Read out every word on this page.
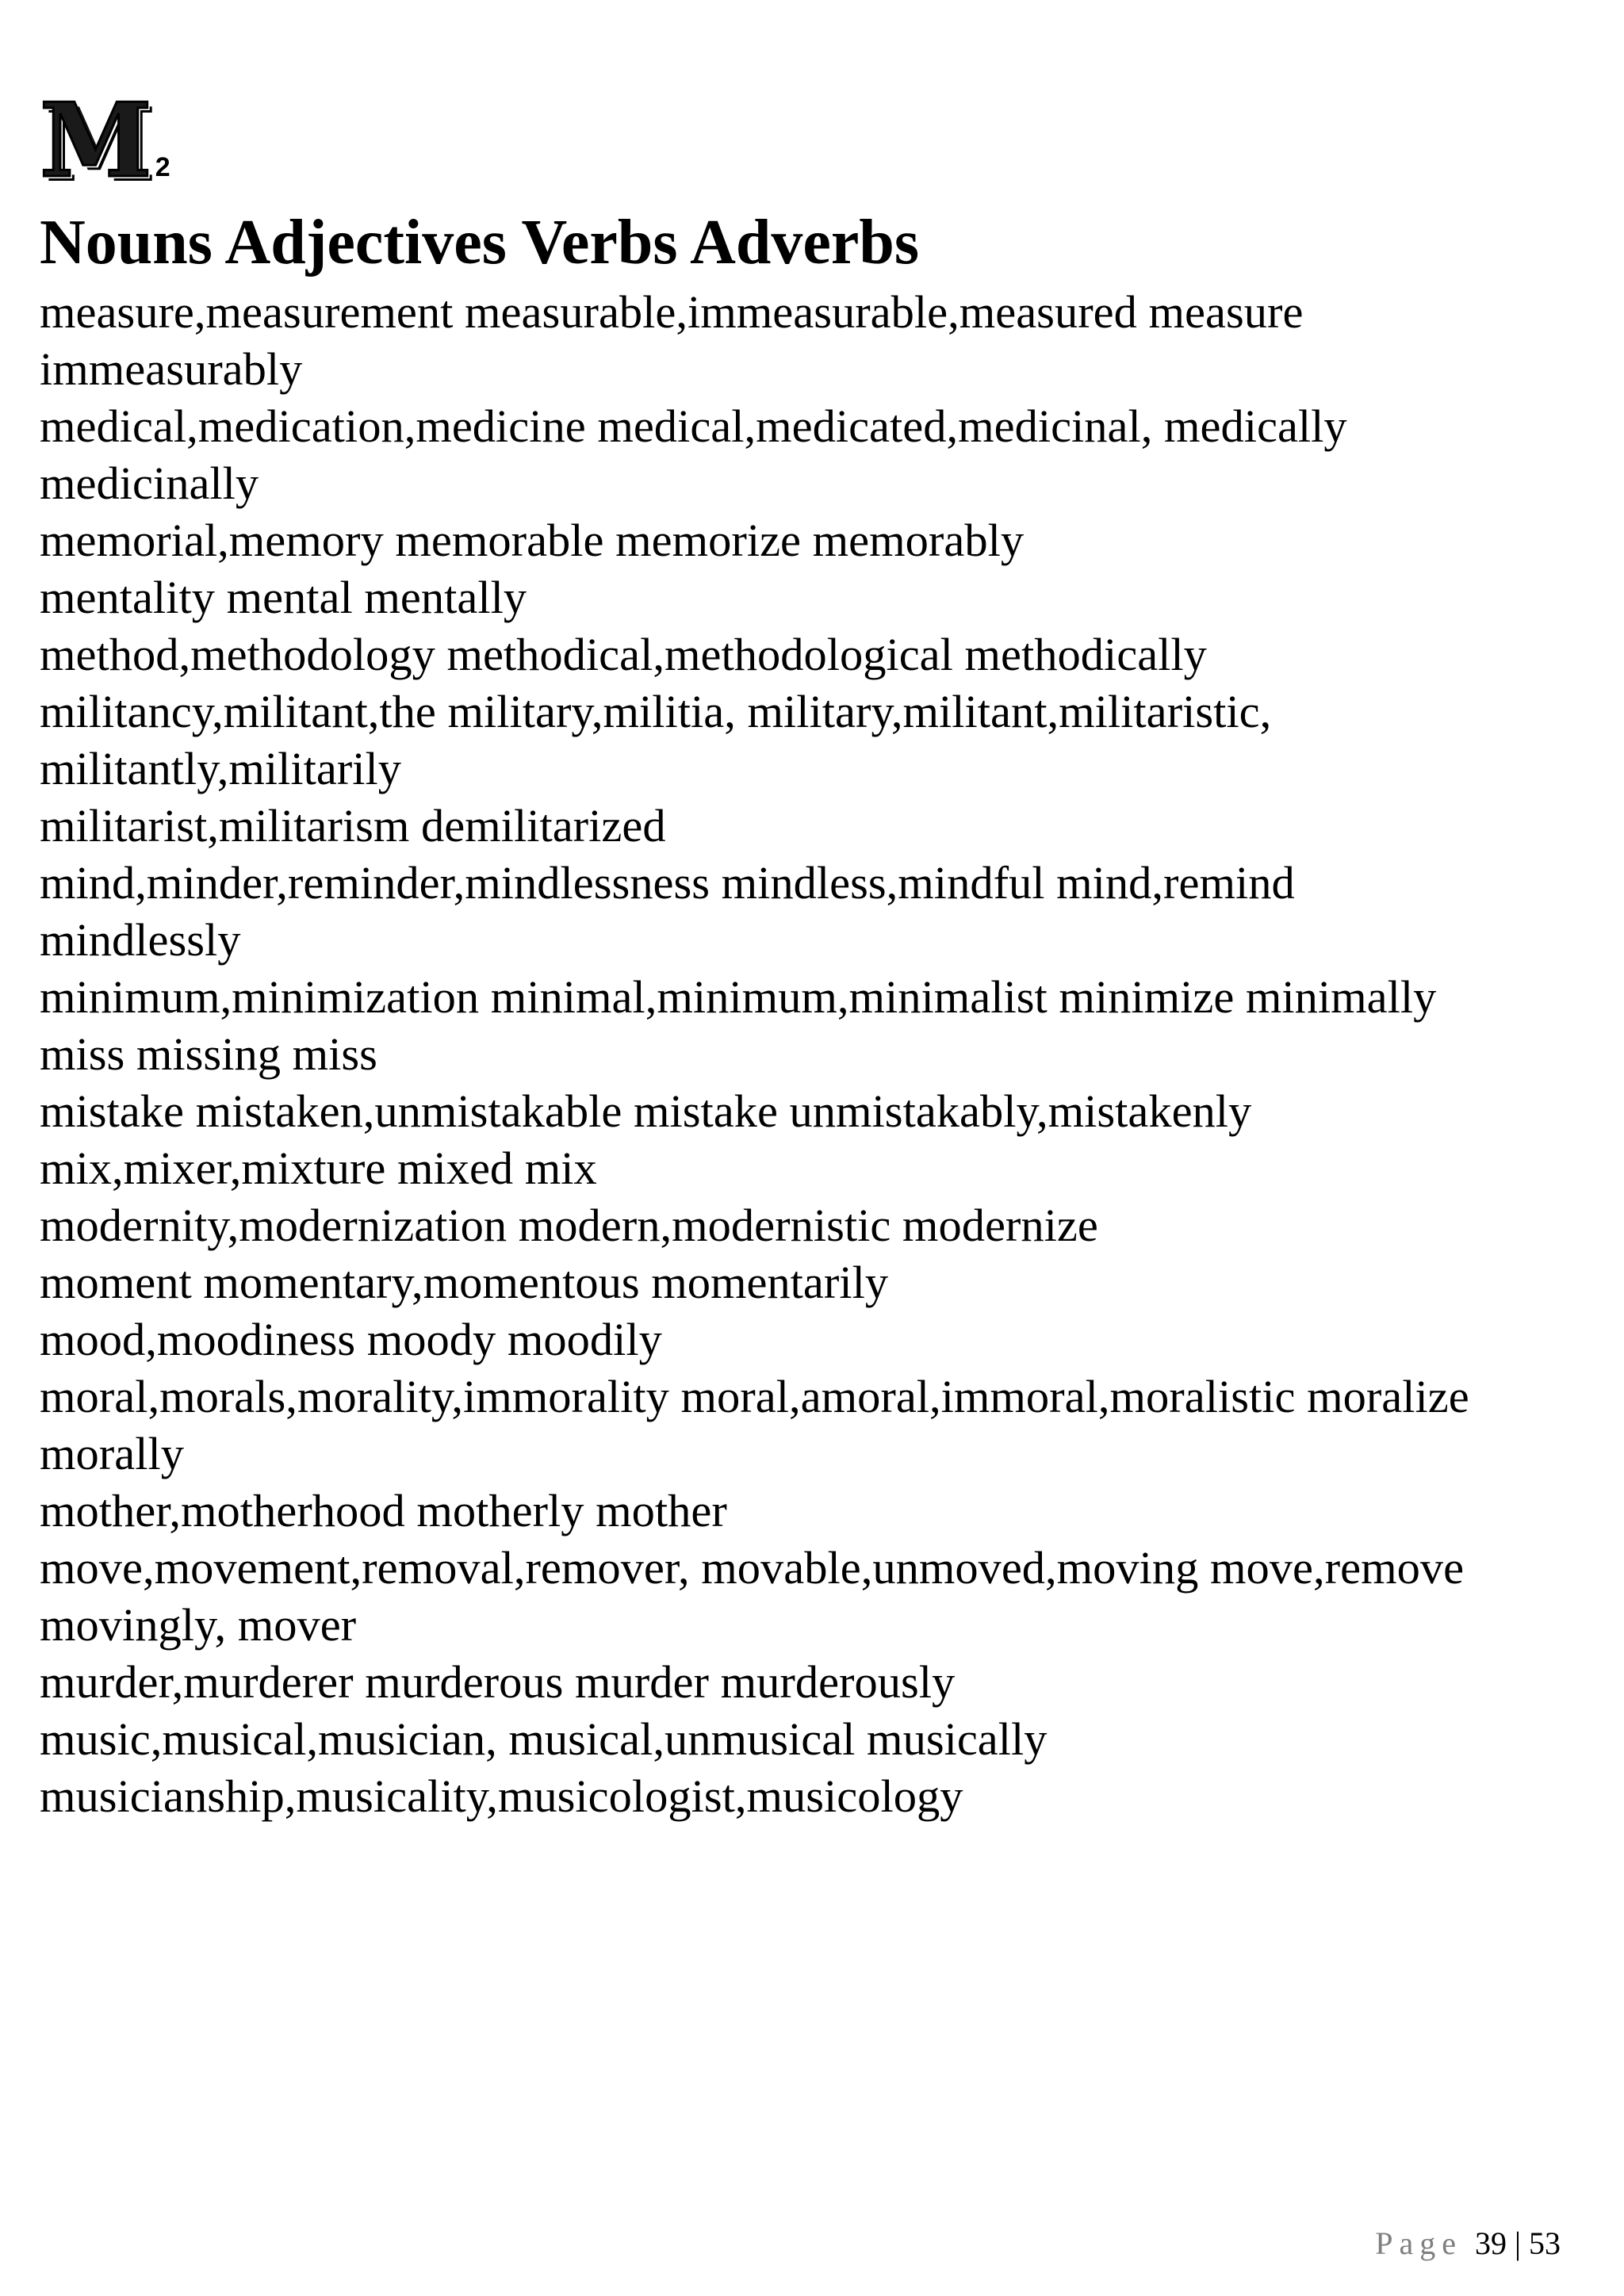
M 2
Nouns Adjectives Verbs Adverbs

measure,measurement measurable,immeasurable,measured measure

immeasurably

medical,medication,medicine medical,medicated,medicinal, medically

medicinally

memorial,memory memorable memorize memorably

mentality mental mentally

method,methodology methodical,methodological methodically

militancy,militant,the military,militia, military,militant,militaristic,

militantly,militarily

militarist,militarism demilitarized

mind,minder,reminder,mindlessness mindless,mindful mind,remind

mindlessly

minimum,minimization minimal,minimum,minimalist minimize minimally

miss missing miss

mistake mistaken,unmistakable mistake unmistakably,mistakenly

mix,mixer,mixture mixed mix

modernity,modernization modern,modernistic modernize

moment momentary,momentous momentarily

mood,moodiness moody moodily

moral,morals,morality,immorality moral,amoral,immoral,moralistic moralize

morally

mother,motherhood motherly mother

move,movement,removal,remover, movable,unmoved,moving move,remove

movingly, mover

murder,murderer murderous murder murderously

music,musical,musician, musical,unmusical musically

musicianship,musicality,musicologist,musicology

Page 39 | 53
